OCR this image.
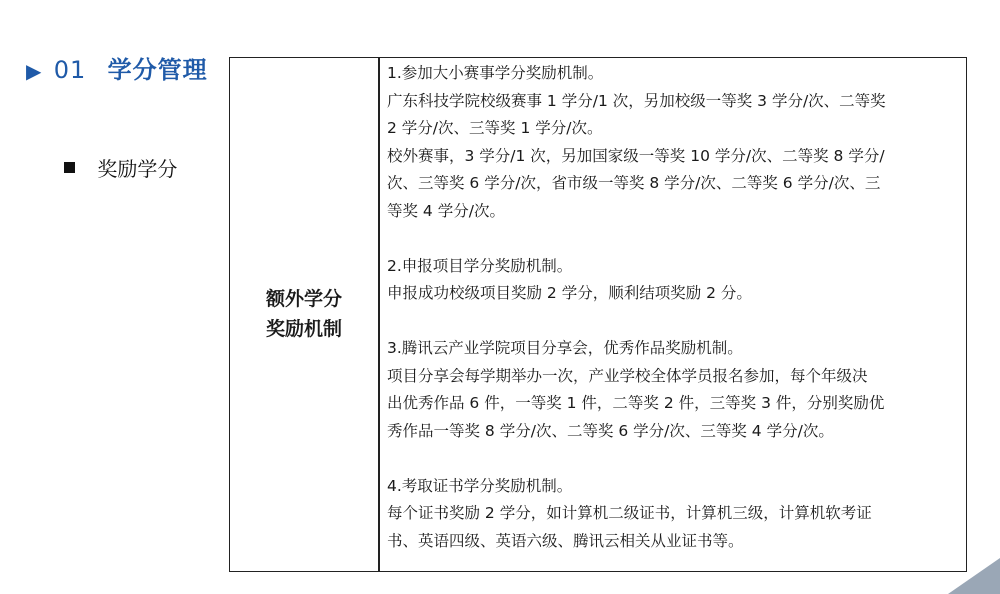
▶ 01 学分管理
奖励学分
额外学分
奖励机制

1.参加大小赛事学分奖励机制。

广东科技学院校级赛事 1 学分/1 次，另加校级一等奖 3 学分/次、二等奖

2 学分/次、三等奖 1 学分/次。

校外赛事，3 学分/1 次，另加国家级一等奖 10 学分/次、二等奖 8 学分/

次、三等奖 6 学分/次，省市级一等奖 8 学分/次、二等奖 6 学分/次、三

等奖 4 学分/次。

2.申报项目学分奖励机制。

申报成功校级项目奖励 2 学分，顺利结项奖励 2 分。

3.腾讯云产业学院项目分享会，优秀作品奖励机制。

项目分享会每学期举办一次，产业学校全体学员报名参加，每个年级决

出优秀作品 6 件，一等奖 1 件，二等奖 2 件，三等奖 3 件，分别奖励优

秀作品一等奖 8 学分/次、二等奖 6 学分/次、三等奖 4 学分/次。

4.考取证书学分奖励机制。

每个证书奖励 2 学分，如计算机二级证书，计算机三级，计算机软考证

书、英语四级、英语六级、腾讯云相关从业证书等。
